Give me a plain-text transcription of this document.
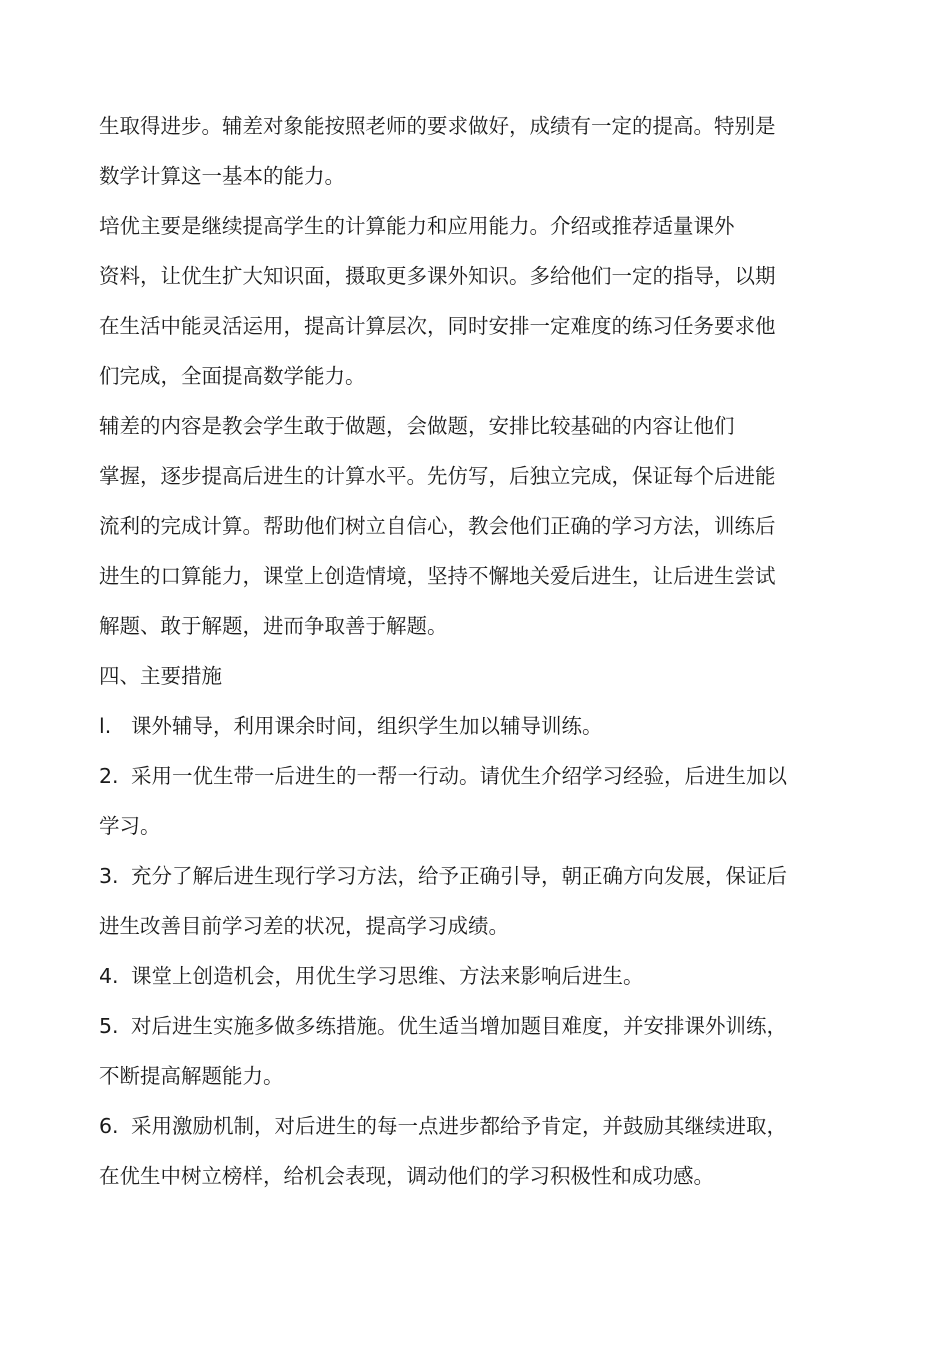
生取得进步。辅差对象能按照老师的要求做好，成绩有一定的提高。特别是

数学计算这一基本的能力。

培优主要是继续提高学生的计算能力和应用能力。介绍或推荐适量课外

资料，让优生扩大知识面，摄取更多课外知识。多给他们一定的指导，以期

在生活中能灵活运用，提高计算层次，同时安排一定难度的练习任务要求他

们完成，全面提高数学能力。

辅差的内容是教会学生敢于做题，会做题，安排比较基础的内容让他们

掌握，逐步提高后进生的计算水平。先仿写，后独立完成，保证每个后进能

流利的完成计算。帮助他们树立自信心，教会他们正确的学习方法，训练后

进生的口算能力，课堂上创造情境，坚持不懈地关爱后进生，让后进生尝试

解题、敢于解题，进而争取善于解题。

四、主要措施

l. 课外辅导，利用课余时间，组织学生加以辅导训练。

2. 采用一优生带一后进生的一帮一行动。请优生介绍学习经验，后进生加以

学习。

3. 充分了解后进生现行学习方法，给予正确引导，朝正确方向发展，保证后

进生改善目前学习差的状况，提高学习成绩。

4. 课堂上创造机会，用优生学习思维、方法来影响后进生。

5. 对后进生实施多做多练措施。优生适当增加题目难度，并安排课外训练，

不断提高解题能力。

6. 采用激励机制，对后进生的每一点进步都给予肯定，并鼓励其继续进取，

在优生中树立榜样，给机会表现，调动他们的学习积极性和成功感。
